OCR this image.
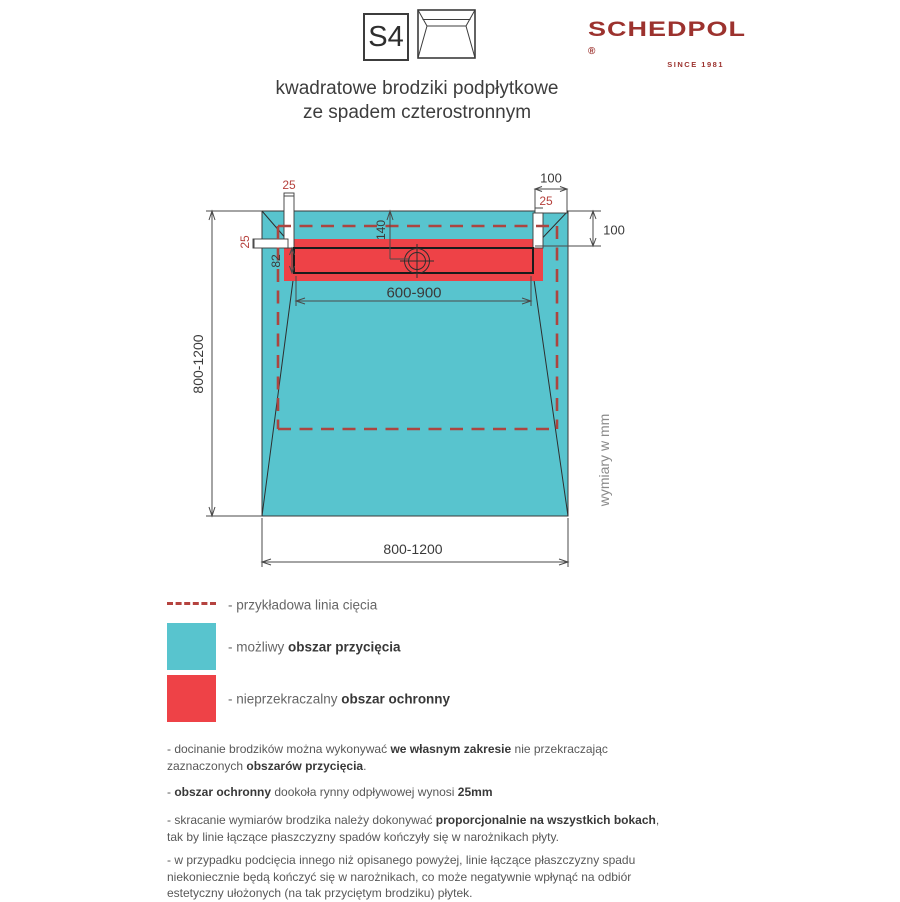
S4	SCHEDPOL®
SINCE 1981
kwadratowe brodziki podpłytkowe
ze spadem czterostronnym
800-1200
800-1200
600-900
140
82
100
100
25
25
25
wymiary w mm
- przykładowa linia cięcia
- możliwy obszar przycięcia
- nieprzekraczalny obszar ochronny
- docinanie brodzików można wykonywać we własnym zakresie nie przekraczając zaznaczonych obszarów przycięcia.
- obszar ochronny dookoła rynny odpływowej wynosi 25mm
- skracanie wymiarów brodzika należy dokonywać proporcjonalnie na wszystkich bokach, tak by linie łączące płaszczyzny spadów kończyły się w narożnikach płyty.
- w przypadku podcięcia innego niż opisanego powyżej, linie łączące płaszczyzny spadu niekoniecznie będą kończyć się w narożnikach, co może negatywnie wpłynąć na odbiór estetyczny ułożonych (na tak przyciętym brodziku) płytek.
